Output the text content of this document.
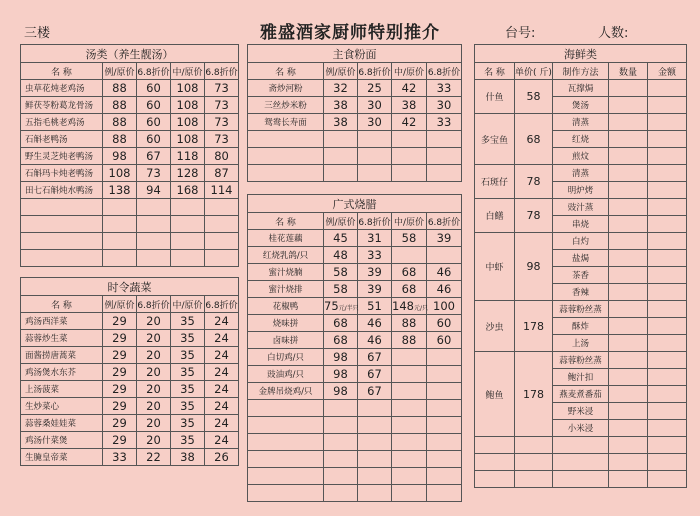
三楼	雅盛酒家厨师特别推介	台号:	人数:
汤类（养生靓汤）				
名 称	例/原价	6.8折价	中/原价	6.8折价
虫草花炖老鸡汤	88	60	108	73
鲜茯苓粉葛龙骨汤	88	60	108	73
五指毛桃老鸡汤	88	60	108	73
石斛老鸭汤	88	60	108	73
野生灵芝炖老鸭汤	98	67	118	80
石斛玛卡炖老鸭汤	108	73	128	87
田七石斛炖水鸭汤	138	94	168	114

时令蔬菜				
名 称	例/原价	6.8折价	中/原价	6.8折价
鸡汤西洋菜	29	20	35	24
蒜蓉炒生菜	29	20	35	24
面酱捞唐蒿菜	29	20	35	24
鸡汤煲水东芥	29	20	35	24
上汤菠菜	29	20	35	24
生炒菜心	29	20	35	24
蒜蓉桑娃娃菜	29	20	35	24
鸡汤什菜煲	29	20	35	24
生腌皇帝菜	33	22	38	26
主食粉面				
名 称	例/原价	6.8折价	中/原价	6.8折价
斋炒河粉	32	25	42	33
三丝炒米粉	38	30	38	30
鸳鸯长寿面	38	30	42	33

广式烧腊				
名 称	例/原价	6.8折价	中/原价	6.8折价
桂花莲藕	45	31	58	39
红烧乳鸽/只	48	33		
蜜汁烧腩	58	39	68	46
蜜汁烧排	58	39	68	46
花椒鸭	75元/半只	51	148元/只	100
烧味拼	68	46	88	60
卤味拼	68	46	88	60
白切鸡/只	98	67		
豉油鸡/只	98	67		
金牌吊烧鸡/只	98	67		

海鲜类				
名 称	单价( 斤)	制作方法	数量	金额
什鱼	58	瓦撑焗		
		煲汤		
多宝鱼	68	清蒸		
		红烧		
		煎炆		
石斑仔	78	清蒸		
		明炉烤		
白鳝	78	豉汁蒸		
		串烧		
中虾	98	白灼		
		盐焗		
		茶香		
		香辣		
沙虫	178	蒜蓉粉丝蒸		
		酥炸		
		上汤		
鲍鱼	178	蒜蓉粉丝蒸		
		鲍汁扣		
		燕麦煮番茄		
		野米浸		
		小米浸		
